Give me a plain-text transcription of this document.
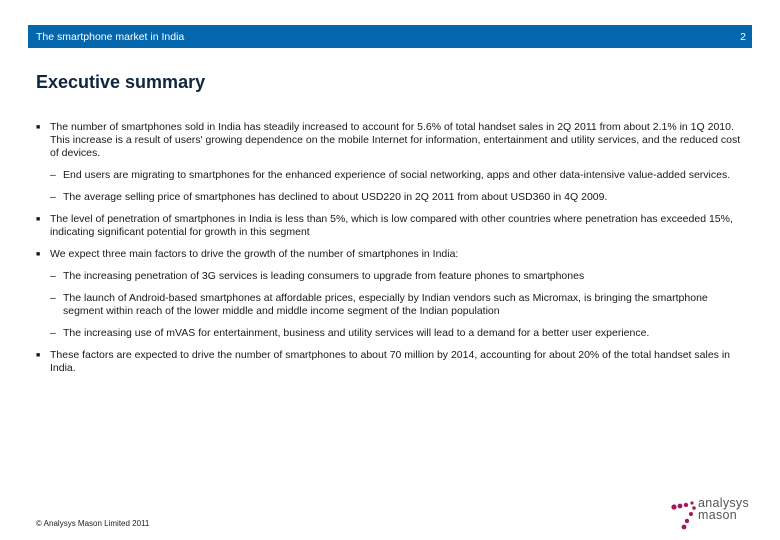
The smartphone market in India	2
Executive summary
■ The number of smartphones sold in India has steadily increased to account for 5.6% of total handset sales in 2Q 2011 from about 2.1% in 1Q 2010. This increase is a result of users' growing dependence on the mobile Internet for information, entertainment and utility services, and the reduced cost of devices.
– End users are migrating to smartphones for the enhanced experience of social networking, apps and other data-intensive value-added services.
– The average selling price of smartphones has declined to about USD220 in 2Q 2011 from about USD360 in 4Q 2009.
■ The level of penetration of smartphones in India is less than 5%, which is low compared with other countries where penetration has exceeded 15%, indicating significant potential for growth in this segment
■ We expect three main factors to drive the growth of the number of smartphones in India:
– The increasing penetration of 3G services is leading consumers to upgrade from feature phones to smartphones
– The launch of Android-based smartphones at affordable prices, especially by Indian vendors such as Micromax, is bringing the smartphone segment within reach of the lower middle and middle income segment of the Indian population
– The increasing use of mVAS for entertainment, business and utility services will lead to a demand for a better user experience.
■ These factors are expected to drive the number of smartphones to about 70 million by 2014, accounting for about 20% of the total handset sales in India.
© Analysys Mason Limited 2011
analysys
mason
